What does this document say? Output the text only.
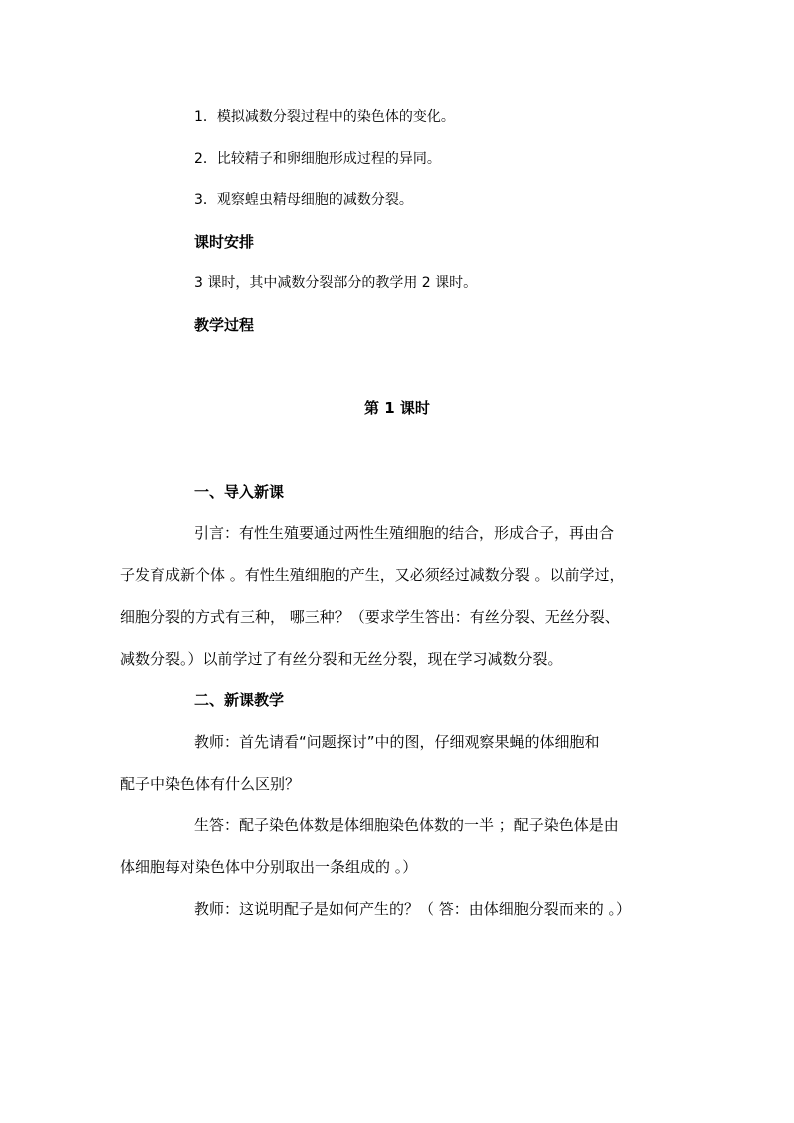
1．模拟减数分裂过程中的染色体的变化。
2．比较精子和卵细胞形成过程的异同。
3．观察蝗虫精母细胞的减数分裂。
课时安排
3 课时，其中减数分裂部分的教学用 2 课时。
教学过程
第 1 课时
一、导入新课
引言：有性生殖要通过两性生殖细胞的结合，形成合子，再由合
子发育成新个体 。有性生殖细胞的产生，又必须经过减数分裂 。以前学过，
细胞分裂的方式有三种， 哪三种？（要求学生答出：有丝分裂、无丝分裂、
减数分裂。）以前学过了有丝分裂和无丝分裂，现在学习减数分裂。
二、新课教学
教师：首先请看“问题探讨”中的图，仔细观察果蝇的体细胞和
配子中染色体有什么区别？
生答：配子染色体数是体细胞染色体数的一半 ；配子染色体是由
体细胞每对染色体中分别取出一条组成的 。）
教师：这说明配子是如何产生的？（ 答：由体细胞分裂而来的 。）
